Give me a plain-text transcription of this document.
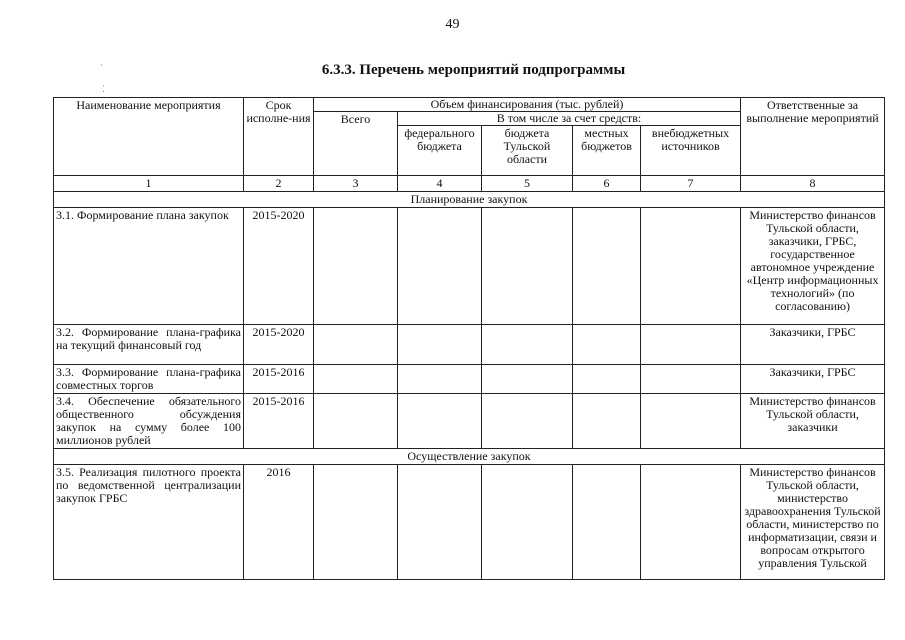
49
6.3.3. Перечень мероприятий подпрограммы
·
⁚
Наименование мероприятия	Срок исполне-ния	Объем финансирования (тыс. рублей)					Ответственные за выполнение мероприятий
		Всего	В том числе за счет средств:				
			федерального бюджета	бюджета Тульской области	местных бюджетов	внебюджетных источников	
1	2	3	4	5	6	7	8
Планирование закупок							
3.1. Формирование плана закупок	2015-2020						Министерство финансов Тульской области, заказчики, ГРБС, государственное автономное учреждение «Центр информационных технологий» (по согласованию)
3.2. Формирование плана-графика на текущий финансовый год	2015-2020						Заказчики, ГРБС
3.3. Формирование плана-графика совместных торгов	2015-2016						Заказчики, ГРБС
3.4. Обеспечение обязательного общественного обсуждения закупок на сумму более 100 миллионов рублей	2015-2016						Министерство финансов Тульской области, заказчики
Осуществление закупок							
3.5. Реализация пилотного проекта по ведомственной централизации закупок ГРБС	2016						Министерство финансов Тульской области, министерство здравоохранения Тульской области, министерство по информатизации, связи и вопросам открытого управления Тульской
